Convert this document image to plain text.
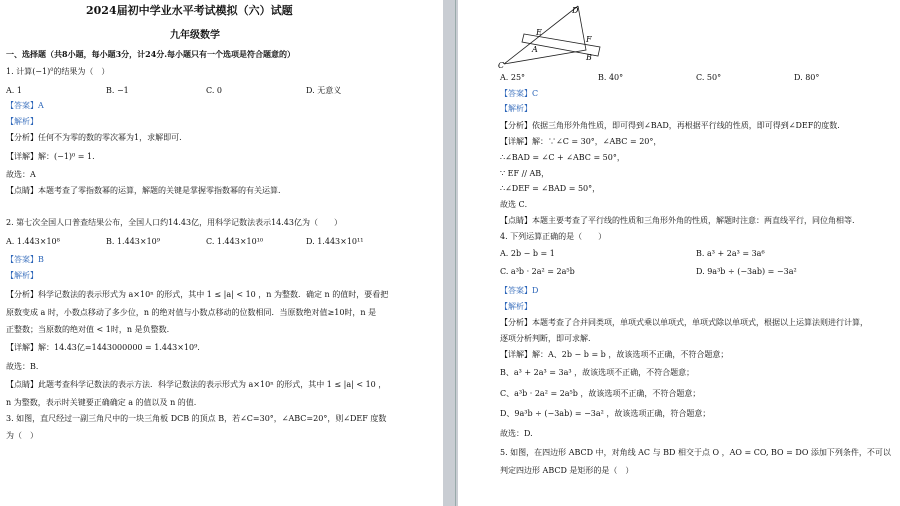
2024届初中学业水平考试模拟（六）试题
九年级数学
一、选择题（共8小题，每小题3分，计24分.每小题只有一个选项是符合题意的）
1. 计算$(-1)^0$的结果为（　）
A. 1	B. −1	C. 0	D. 无意义
【答案】A
【解析】
【分析】任何不为零的数的零次幂为1，求解即可.
【详解】解：(−1)⁰ = 1.
故选：A
【点睛】本题考查了零指数幂的运算，解题的关键是掌握零指数幂的有关运算.
2. 第七次全国人口普查结果公布，全国人口约14.43亿，用科学记数法表示14.43亿为（　　）
A. 1.443×10⁸	B. 1.443×10⁹	C. 1.443×10¹⁰	D. 1.443×10¹¹
【答案】B
【解析】
【分析】科学记数法的表示形式为 a×10ⁿ 的形式，其中 1 ≤ |a| < 10 ，n 为整数．确定 n 的值时，要看把
原数变成 a 时，小数点移动了多少位，n 的绝对值与小数点移动的位数相同．当原数绝对值≥10时，n 是
正整数；当原数的绝对值 < 1时，n 是负整数.
【详解】解：14.43亿=1443000000 = 1.443×10⁹.
故选：B．
【点睛】此题考查科学记数法的表示方法．科学记数法的表示形式为 a×10ⁿ 的形式，其中 1 ≤ |a| < 10 ，
n 为整数，表示时关键要正确确定 a 的值以及 n 的值.
3. 如图，直尺经过一副三角尺中的一块三角板 DCB 的顶点 B，若∠C=30°，∠ABC=20°，则∠DEF 度数
为（　）
D
E
F
A
B
C
A. 25°	B. 40°	C. 50°	D. 80°
【答案】C
【解析】
【分析】依据三角形外角性质，即可得到∠BAD，再根据平行线的性质，即可得到∠DEF的度数.
【详解】解：∵∠C = 30°，∠ABC = 20°，
∴∠BAD = ∠C + ∠ABC = 50°，
∵ EF // AB，
∴∠DEF = ∠BAD = 50°，
故选 C．
【点睛】本题主要考查了平行线的性质和三角形外角的性质，解题时注意：两直线平行，同位角相等.
4. 下列运算正确的是（　　）
A. 2b − b = 1	B. a³ + 2a³ = 3a⁶
C. a³b · 2a² = 2a⁵b	D. 9a³b ÷ (−3ab) = −3a²
【答案】D
【解析】
【分析】本题考查了合并同类项，单项式乘以单项式，单项式除以单项式，根据以上运算法则进行计算，
逐项分析判断，即可求解.
【详解】解：A、2b − b = b ，故该选项不正确，不符合题意；
B、a³ + 2a³ = 3a³ ，故该选项不正确，不符合题意；
C、a³b · 2a² = 2a⁵b ，故该选项不正确，不符合题意；
D、9a³b ÷ (−3ab) = −3a² ，故该选项正确，符合题意；
故选：D.
5. 如图，在四边形 ABCD 中，对角线 AC 与 BD 相交于点 O ，AO = CO, BO = DO 添加下列条件，不可以
判定四边形 ABCD 是矩形的是（　）
